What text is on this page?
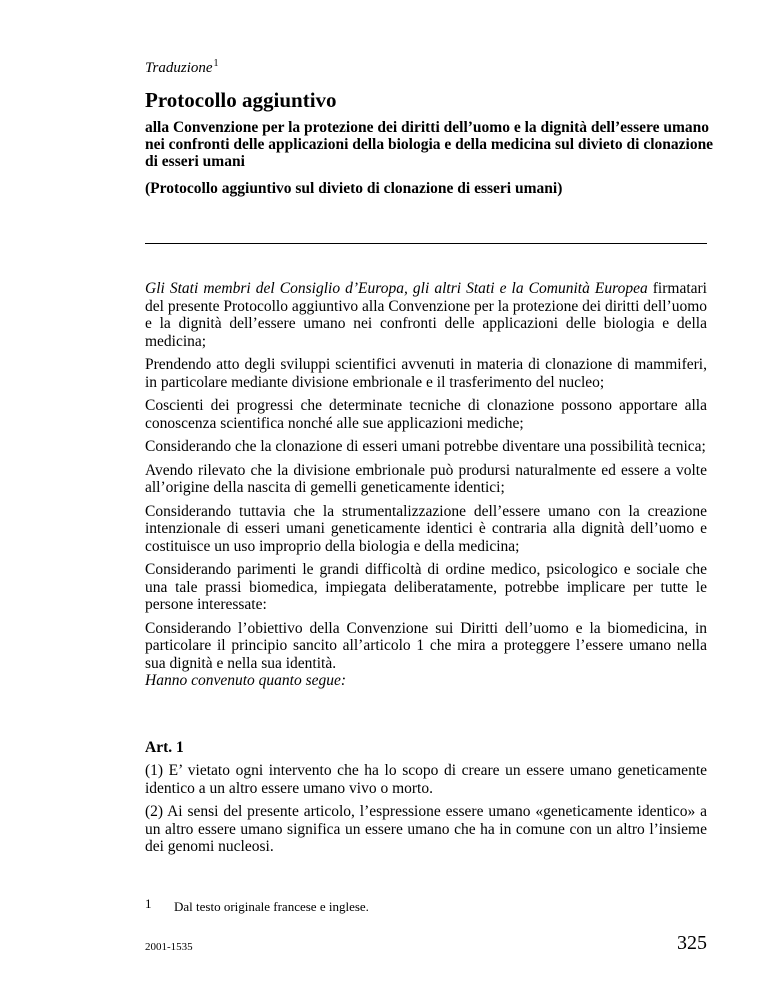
Traduzione$^1$
Protocollo aggiuntivo

alla Convenzione per la protezione dei diritti dell’uomo e la dignità dell’essere umano nei confronti delle applicazioni della biologia e della medicina sul divieto di clonazione di esseri umani

(Protocollo aggiuntivo sul divieto di clonazione di esseri umani)

Gli Stati membri del Consiglio d’Europa, gli altri Stati e la Comunità Europea firmatari del presente Protocollo aggiuntivo alla Convenzione per la protezione dei diritti dell’uomo e la dignità dell’essere umano nei confronti delle applicazioni delle biologia e della medicina;

Prendendo atto degli sviluppi scientifici avvenuti in materia di clonazione di mammiferi, in particolare mediante divisione embrionale e il trasferimento del nucleo;

Coscienti dei progressi che determinate tecniche di clonazione possono apportare alla conoscenza scientifica nonché alle sue applicazioni mediche;

Considerando che la clonazione di esseri umani potrebbe diventare una possibilità tecnica;

Avendo rilevato che la divisione embrionale può prodursi naturalmente ed essere a volte all’origine della nascita di gemelli geneticamente identici;

Considerando tuttavia che la strumentalizzazione dell’essere umano con la creazione intenzionale di esseri umani geneticamente identici è contraria alla dignità dell’uomo e costituisce un uso improprio della biologia e della medicina;

Considerando parimenti le grandi difficoltà di ordine medico, psicologico e sociale che una tale prassi biomedica, impiegata deliberatamente, potrebbe implicare per tutte le persone interessate:

Considerando l’obiettivo della Convenzione sui Diritti dell’uomo e la biomedicina, in particolare il principio sancito all’articolo 1 che mira a proteggere l’essere umano nella sua dignità e nella sua identità.

Hanno convenuto quanto segue:

Art. 1

(1) E’ vietato ogni intervento che ha lo scopo di creare un essere umano geneticamente identico a un altro essere umano vivo o morto.

(2) Ai sensi del presente articolo, l’espressione essere umano «geneticamente identico» a un altro essere umano significa un essere umano che ha in comune con un altro l’insieme dei genomi nucleosi.

1 Dal testo originale francese e inglese.
2001-1535	325
